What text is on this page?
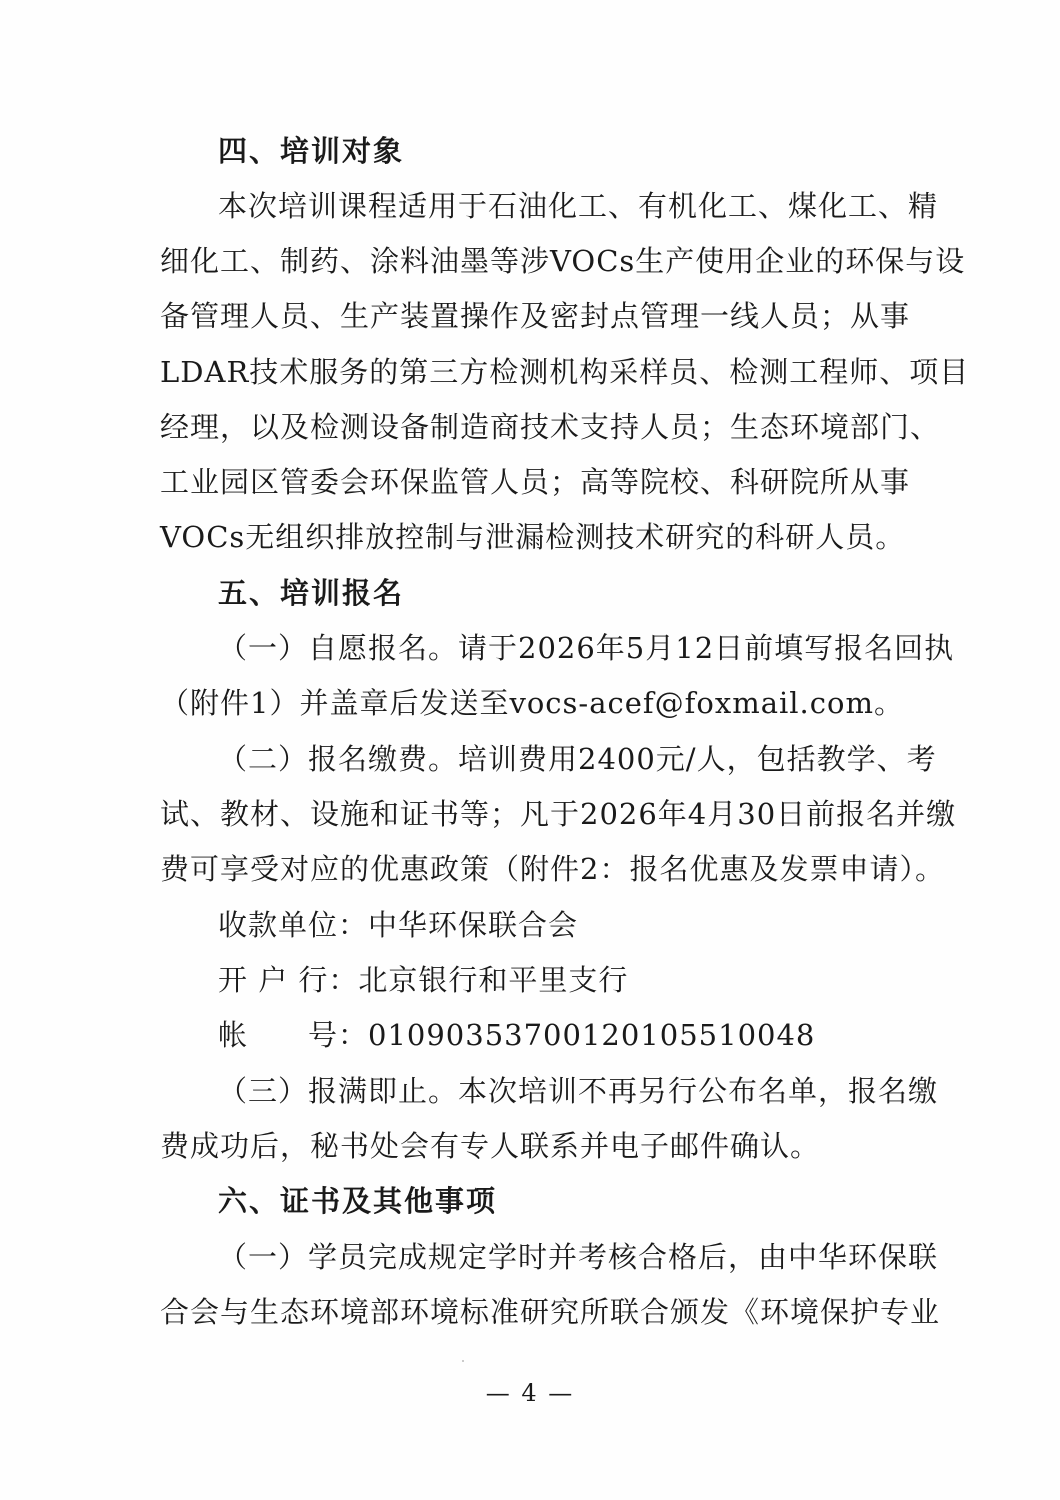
四、培训对象
本次培训课程适用于石油化工、有机化工、煤化工、精
细化工、制药、涂料油墨等涉VOCs生产使用企业的环保与设
备管理人员、生产装置操作及密封点管理一线人员；从事
LDAR技术服务的第三方检测机构采样员、检测工程师、项目
经理，以及检测设备制造商技术支持人员；生态环境部门、
工业园区管委会环保监管人员；高等院校、科研院所从事
VOCs无组织排放控制与泄漏检测技术研究的科研人员。
五、培训报名
（一）自愿报名。请于2026年5月12日前填写报名回执
（附件1）并盖章后发送至vocs-acef@foxmail.com。
（二）报名缴费。培训费用2400元/人，包括教学、考
试、教材、设施和证书等；凡于2026年4月30日前报名并缴
费可享受对应的优惠政策（附件2：报名优惠及发票申请）。
收款单位：中华环保联合会
开 户 行：北京银行和平里支行
帐　　号：01090353700120105510048
（三）报满即止。本次培训不再另行公布名单，报名缴
费成功后，秘书处会有专人联系并电子邮件确认。
六、证书及其他事项
（一）学员完成规定学时并考核合格后，由中华环保联
合会与生态环境部环境标准研究所联合颁发《环境保护专业
— 4 —
